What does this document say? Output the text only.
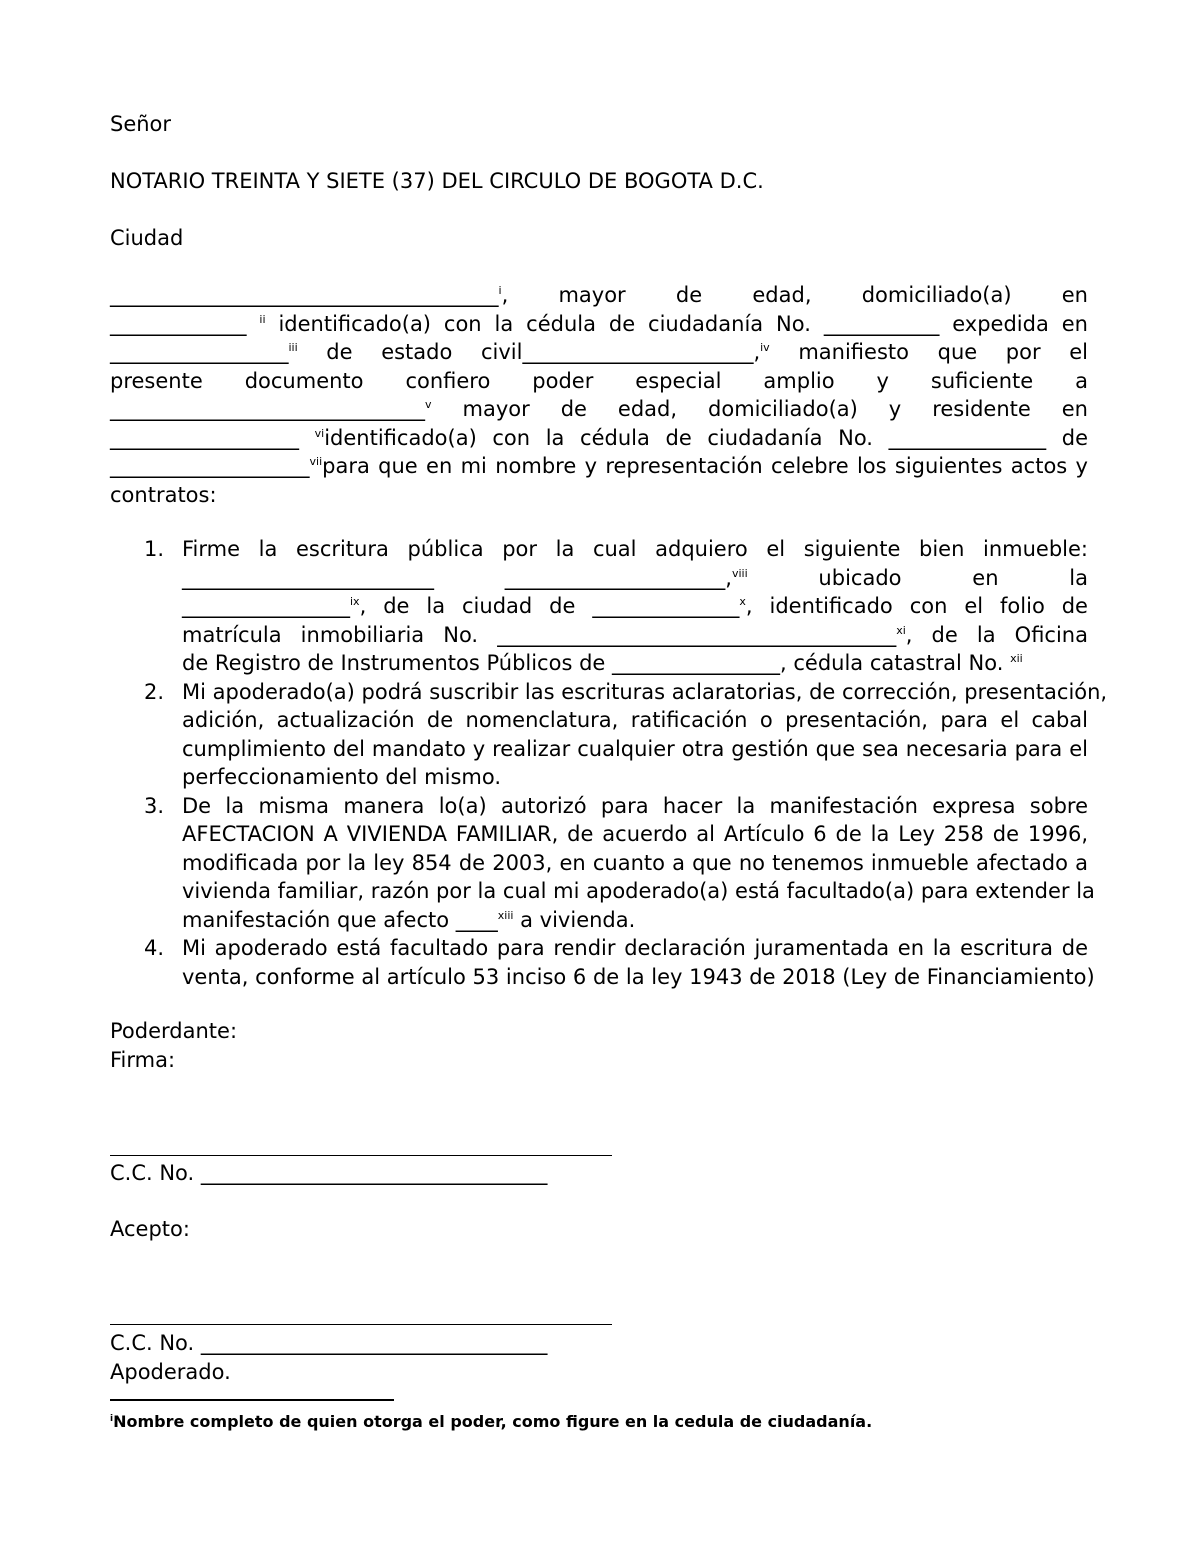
Señor
NOTARIO TREINTA Y SIETE (37) DEL CIRCULO DE BOGOTA D.C.
Ciudad
_____________________________________$^i$, mayor de edad, domiciliado(a) en
_____________ $^{ii}$ identificado(a) con la cédula de ciudadanía No. ___________ expedida en
_________________$^{iii}$ de estado civil______________________,$^{iv}$ manifiesto que por el
presente documento confiero poder especial amplio y suficiente a
______________________________$^v$ mayor de edad, domiciliado(a) y residente en
__________________ $^{vi}$identificado(a) con la cédula de ciudadanía No. _______________ de
___________________$^{vii}$para que en mi nombre y representación celebre los siguientes actos y
contratos:
1. Firme la escritura pública por la cual adquiero el siguiente bien inmueble:
________________________ _____________________,$^{viii}$ ubicado en la
________________$^{ix}$, de la ciudad de ______________$^x$, identificado con el folio de
matrícula inmobiliaria No. ______________________________________$^{xi}$, de la Oficina
de Registro de Instrumentos Públicos de ________________, cédula catastral No. $^{xii}$
2. Mi apoderado(a) podrá suscribir las escrituras aclaratorias, de corrección, presentación,
adición, actualización de nomenclatura, ratificación o presentación, para el cabal
cumplimiento del mandato y realizar cualquier otra gestión que sea necesaria para el
perfeccionamiento del mismo.
3. De la misma manera lo(a) autorizó para hacer la manifestación expresa sobre
AFECTACION A VIVIENDA FAMILIAR, de acuerdo al Artículo 6 de la Ley 258 de 1996,
modificada por la ley 854 de 2003, en cuanto a que no tenemos inmueble afectado a
vivienda familiar, razón por la cual mi apoderado(a) está facultado(a) para extender la
manifestación que afecto ____$^{xiii}$ a vivienda.
4. Mi apoderado está facultado para rendir declaración juramentada en la escritura de
venta, conforme al artículo 53 inciso 6 de la ley 1943 de 2018 (Ley de Financiamiento)
Poderdante:
Firma:
C.C. No. _________________________________
Acepto:
C.C. No. _________________________________
Apoderado.
$^i$Nombre completo de quien otorga el poder, como figure en la cedula de ciudadanía.
